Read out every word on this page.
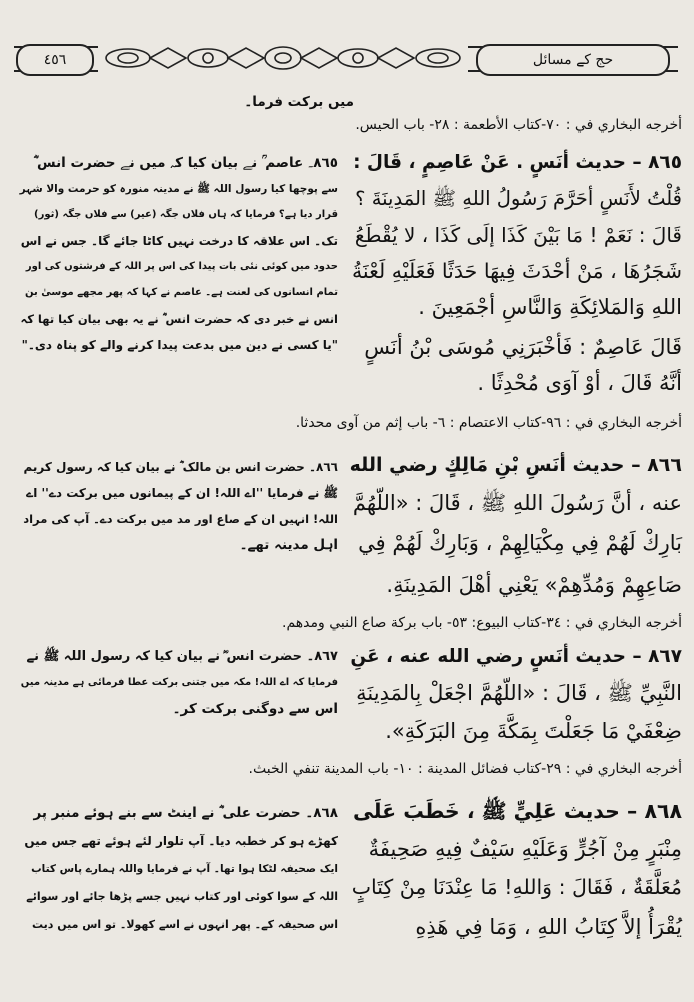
٤٥٦	حج کے مسائل
میں برکت فرما۔
أخرجه البخاري في : ٧٠-كتاب الأطعمة : ٢٨- باب الحيس.
٨٦٥ – حديث أنَسٍ . عَنْ عَاصِمٍ ، قَالَ :
قُلْتُ لأَنَسٍ أحَرَّمَ رَسُولُ اللهِ ﷺ المَدِينَةَ ؟
قَالَ : نَعَمْ ! مَا بَيْنَ كَذَا إلَى كَذَا ، لا يُقْطَعُ
شَجَرُهَا ، مَنْ أحْدَثَ فِيهَا حَدَثًا فَعَلَيْهِ لَعْنَةُ
اللهِ وَالمَلائِكَةِ وَالنَّاسِ أجْمَعِينَ .
قَالَ عَاصِمٌ : فَأخْبَرَنِي مُوسَى بْنُ أنَسٍ
أنَّهُ قَالَ ، أوْ آوَى مُحْدِثًا .
٨٦٥۔ عاصم ؒ نے بیان کیا کہ میں نے حضرت انس ؓ
سے پوچھا کیا رسول اللہ ﷺ نے مدینہ منورہ کو حرمت والا شہر
قرار دیا ہے؟ فرمایا کہ ہاں فلاں جگہ (عیر) سے فلاں جگہ (ثور)
تک۔ اس علاقہ کا درخت نہیں کاٹا جائے گا۔ جس نے اس
حدود میں کوئی نئی بات پیدا کی اس پر اللہ کے فرشتوں کی اور
تمام انسانوں کی لعنت ہے۔ عاصم نے کہا کہ پھر مجھے موسیٰ بن
انس نے خبر دی کہ حضرت انس ؓ نے یہ بھی بیان کیا تھا کہ
"یا کسی نے دین میں بدعت پیدا کرنے والے کو پناہ دی۔"
أخرجه البخاري في : ٩٦-كتاب الاعتصام : ٦- باب إثم من آوى محدثا.
٨٦٦ – حديث أنَسِ بْنِ مَالِكٍ رضي الله
عنه ، أنَّ رَسُولَ اللهِ ﷺ ، قَالَ : «اللّهُمَّ
بَارِكْ لَهُمْ فِي مِكْيَالِهِمْ ، وَبَارِكْ لَهُمْ فِي
صَاعِهِمْ وَمُدِّهِمْ» يَعْنِي أهْلَ المَدِينَةِ.
٨٦٦۔ حضرت انس بن مالک ؓ نے بیان کیا کہ رسول کریم
ﷺ نے فرمایا ''اے اللہ! ان کے پیمانوں میں برکت دے'' اے
اللہ! انہیں ان کے صاع اور مد میں برکت دے۔ آپ کی مراد
اہل مدینہ تھے۔
أخرجه البخاري في : ٣٤-كتاب البيوع: ٥٣- باب بركة صاع النبي ومدهم.
٨٦٧ – حديث أنَسٍ رضي الله عنه ، عَنِ
النَّبِيِّ ﷺ ، قَالَ : «اللّهُمَّ اجْعَلْ بِالمَدِينَةِ
ضِعْفَيْ مَا جَعَلْتَ بِمَكَّةَ مِنَ البَرَكَةِ».
٨٦٧۔ حضرت انس ؓ نے بیان کیا کہ رسول اللہ ﷺ نے
فرمایا کہ اے اللہ! مکہ میں جتنی برکت عطا فرمائی ہے مدینہ میں
اس سے دوگنی برکت کر۔
أخرجه البخاري في : ٢٩-كتاب فضائل المدينة : ١٠- باب المدينة تنفي الخبث.
٨٦٨ – حديث عَلِيٍّ ﷺ ، خَطَبَ عَلَى
مِنْبَرٍ مِنْ آجُرٍّ وَعَلَيْهِ سَيْفٌ فِيهِ صَحِيفَةٌ
مُعَلَّقَةٌ ، فَقَالَ : وَاللهِ! مَا عِنْدَنَا مِنْ كِتَابٍ
يُقْرَأُ إلاَّ كِتَابُ اللهِ ، وَمَا فِي هَذِهِ
٨٦٨۔ حضرت علی ؓ نے اینٹ سے بنے ہوئے منبر پر
کھڑے ہو کر خطبہ دیا۔ آپ تلوار لئے ہوئے تھے جس میں
ایک صحیفہ لٹکا ہوا تھا۔ آپ نے فرمایا واللہ ہمارے پاس کتاب
اللہ کے سوا کوئی اور کتاب نہیں جسے پڑھا جائے اور سوائے
اس صحیفہ کے۔ پھر انہوں نے اسے کھولا۔ تو اس میں دیت
